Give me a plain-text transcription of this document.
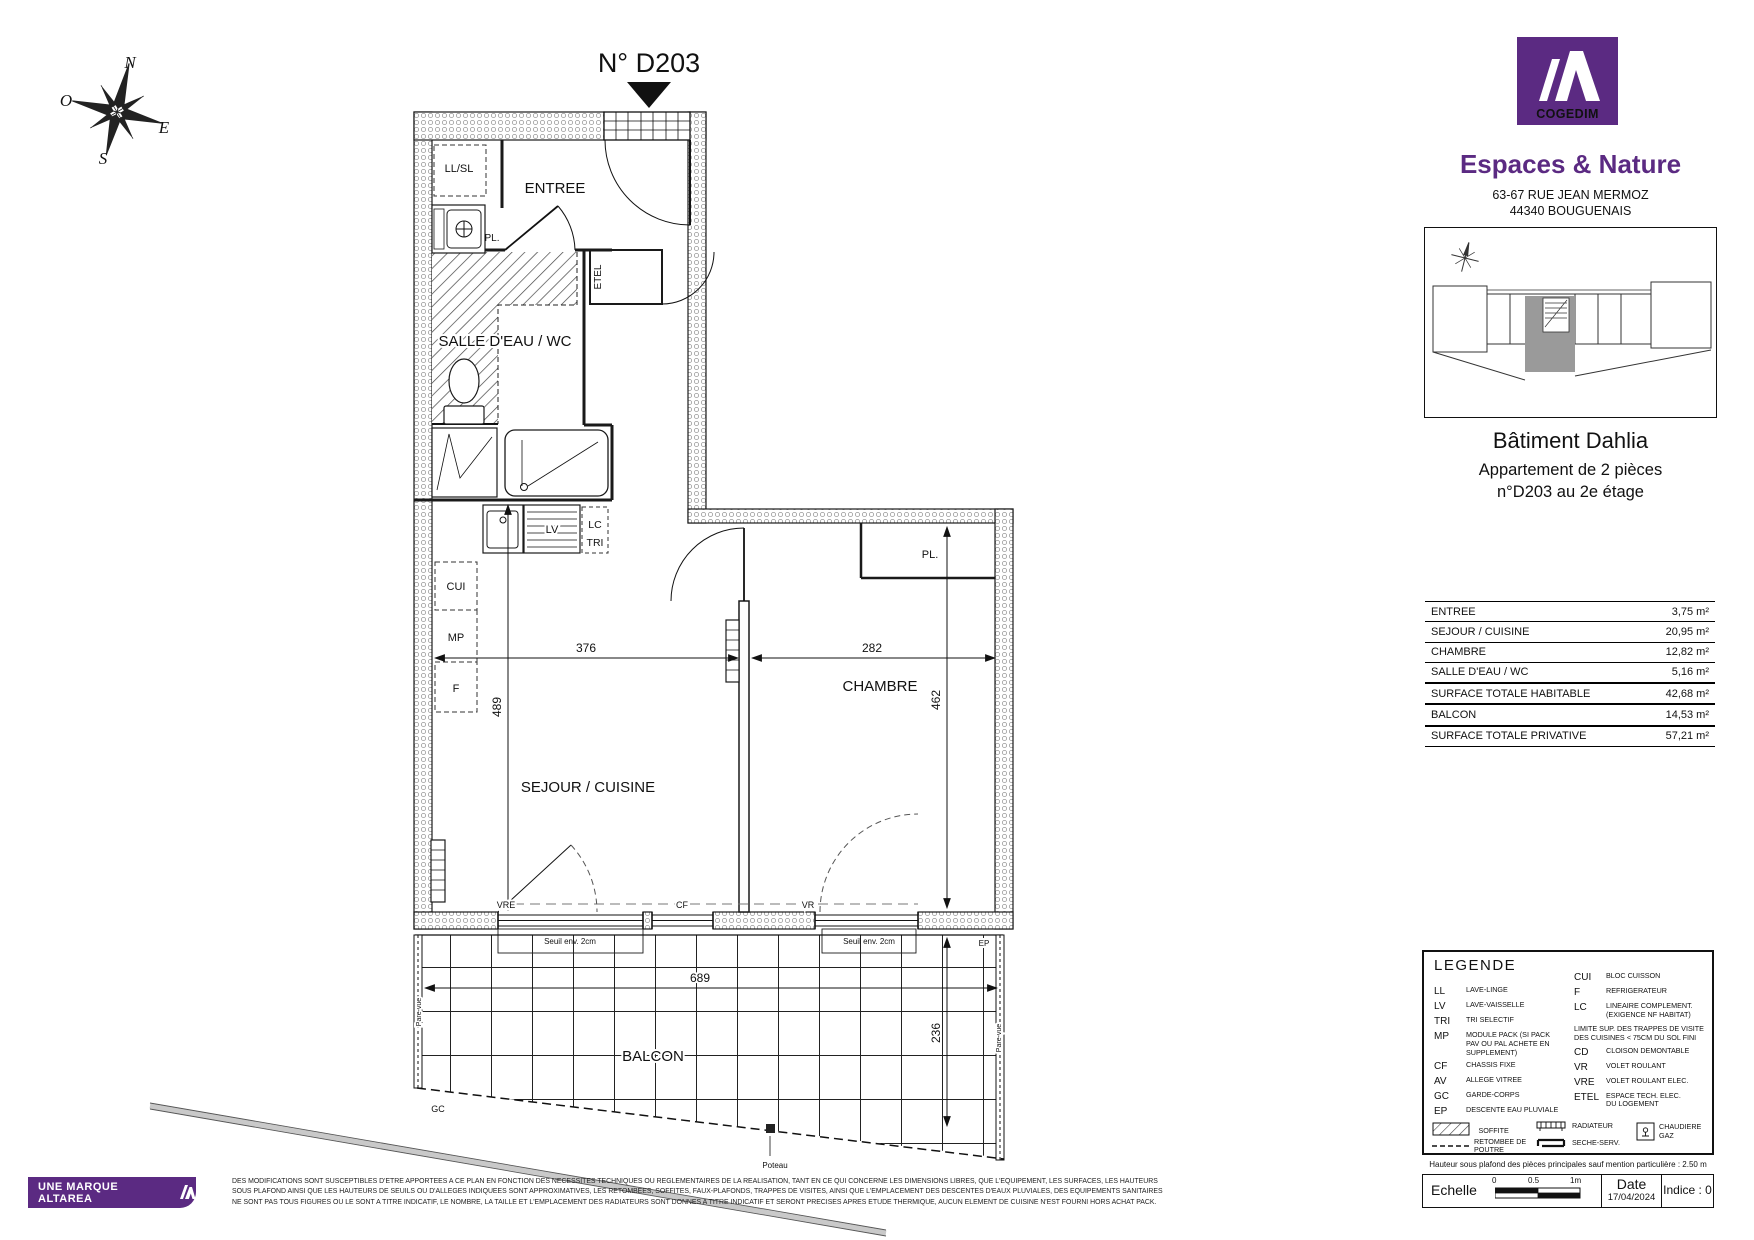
N
O
E
S
N° D203
ENTREE
SALLE D'EAU / WC
SEJOUR / CUISINE
CHAMBRE
BALCON
LL/SL
PL.
ETEL
LV	LC
TRI
CUI
MP
F
PL.
VRE	CF	VR
Seuil env. 2cm	Seuil env. 2cm	EP
GC
Poteau
Pare-vue
Pare-vue
376	282
489	462
689
236
COGEDIM
Espaces & Nature
63-67 RUE JEAN MERMOZ
44340 BOUGUENAIS
Bâtiment Dahlia
Appartement de 2 pièces
n°D203 au 2e étage
ENTREE	3,75 m²
SEJOUR / CUISINE	20,95 m²
CHAMBRE	12,82 m²
SALLE D'EAU / WC	5,16 m²
SURFACE TOTALE HABITABLE	42,68 m²
BALCON	14,53 m²
SURFACE TOTALE PRIVATIVE	57,21 m²
LEGENDE
LL	LAVE-LINGE
LV	LAVE-VAISSELLE
TRI	TRI SELECTIF
MP	MODULE PACK (SI PACK PAV OU PAL ACHETE EN SUPPLEMENT)
CF	CHASSIS FIXE
AV	ALLEGE VITREE
GC	GARDE-CORPS
EP	DESCENTE EAU PLUVIALE
CUI	BLOC CUISSON
F	REFRIGERATEUR
LC	LINEAIRE COMPLEMENT. (EXIGENCE NF HABITAT)
LIMITE SUP. DES TRAPPES DE VISITE DES CUISINES < 75CM DU SOL FINI
CD	CLOISON DEMONTABLE
VR	VOLET ROULANT
VRE	VOLET ROULANT ELEC.
ETEL ESPACE TECH. ELEC. DU LOGEMENT
SOFFITE
RETOMBEE DE POUTRE
RADIATEUR
SECHE-SERV.
CHAUDIERE GAZ
Hauteur sous plafond des pièces principales sauf mention particulière : 2.50 m
Echelle
0	0.5	1m	Date
17/04/2024
Indice : 0
UNE MARQUE ALTAREA
DES MODIFICATIONS SONT SUSCEPTIBLES D'ETRE APPORTEES A CE PLAN EN FONCTION DES NECESSITES TECHNIQUES OU REGLEMENTAIRES DE LA REALISATION, TANT EN CE QUI CONCERNE LES DIMENSIONS LIBRES, QUE L'EQUIPEMENT, LES SURFACES, LES HAUTEURS
SOUS PLAFOND AINSI QUE LES HAUTEURS DE SEUILS OU D'ALLEGES INDIQUEES SONT APPROXIMATIVES, LES RETOMBEES, SOFFITES, FAUX-PLAFONDS, TRAPPES DE VISITES, AINSI QUE L'EMPLACEMENT DES DESCENTES D'EAUX PLUVIALES, DES EQUIPEMENTS SANITAIRES
NE SONT PAS TOUS FIGURES OU LE SONT A TITRE INDICATIF, LE NOMBRE, LA TAILLE ET L'EMPLACEMENT DES RADIATEURS SONT DONNES A TITRE INDICATIF ET SERONT PRECISES APRES ETUDE THERMIQUE, AUCUN ELEMENT DE CUISINE N'EST FOURNI HORS ACHAT PACK.
